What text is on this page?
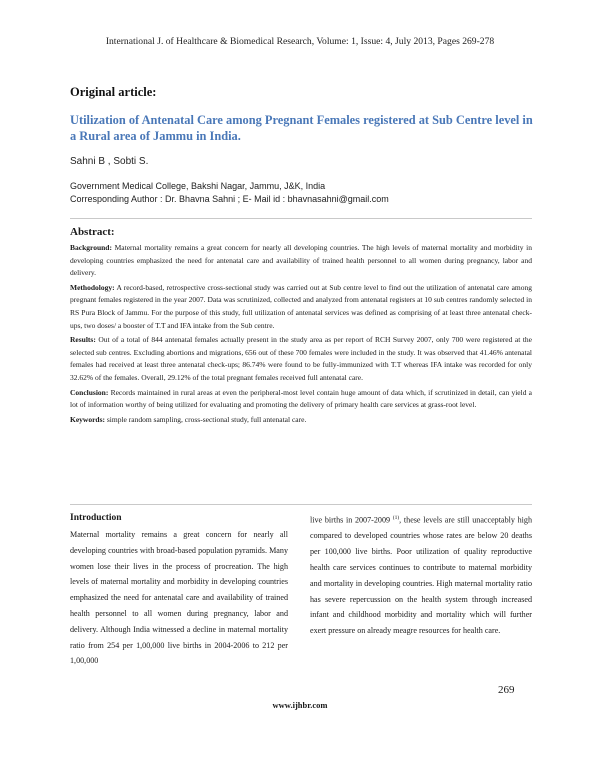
International J. of Healthcare & Biomedical Research, Volume: 1, Issue: 4, July 2013, Pages 269-278
Original article:
Utilization of Antenatal Care among Pregnant Females registered at Sub Centre level in a Rural area of Jammu in India.
Sahni B , Sobti S.
Government Medical College, Bakshi Nagar, Jammu, J&K, India
Corresponding Author : Dr. Bhavna Sahni ; E- Mail id : bhavnasahni@gmail.com
Abstract:

Background: Maternal mortality remains a great concern for nearly all developing countries. The high levels of maternal mortality and morbidity in developing countries emphasized the need for antenatal care and availability of trained health personnel to all women during pregnancy, labor and delivery.

Methodology: A record-based, retrospective cross-sectional study was carried out at Sub centre level to find out the utilization of antenatal care among pregnant females registered in the year 2007. Data was scrutinized, collected and analyzed from antenatal registers at 10 sub centres randomly selected in RS Pura Block of Jammu. For the purpose of this study, full utilization of antenatal services was defined as comprising of at least three antenatal check-ups, two doses/ a booster of T.T and IFA intake from the Sub centre.

Results: Out of a total of 844 antenatal females actually present in the study area as per report of RCH Survey 2007, only 700 were registered at the selected sub centres. Excluding abortions and migrations, 656 out of these 700 females were included in the study. It was observed that 41.46% antenatal females had received at least three antenatal check-ups; 86.74% were found to be fully-immunized with T.T whereas IFA intake was recorded for only 32.62% of the females. Overall, 29.12% of the total pregnant females received full antenatal care.

Conclusion: Records maintained in rural areas at even the peripheral-most level contain huge amount of data which, if scrutinized in detail, can yield a lot of information worthy of being utilized for evaluating and promoting the delivery of primary health care services at grass-root level.

Keywords: simple random sampling, cross-sectional study, full antenatal care.

Introduction
Maternal mortality remains a great concern for nearly all developing countries with broad-based population pyramids. Many women lose their lives in the process of procreation. The high levels of maternal mortality and morbidity in developing countries emphasized the need for antenatal care and availability of trained health personnel to all women during pregnancy, labor and delivery. Although India witnessed a decline in maternal mortality ratio from 254 per 1,00,000 live births in 2004-2006 to 212 per 1,00,000
live births in 2007-2009 $^{(1)}$, these levels are still unacceptably high compared to developed countries whose rates are below 20 deaths per 100,000 live births. Poor utilization of quality reproductive health care services continues to contribute to maternal morbidity and mortality in developing countries. High maternal mortality ratio has severe repercussion on the health system through increased infant and childhood morbidity and mortality which will further exert pressure on already meagre resources for health care.
269
www.ijhbr.com
